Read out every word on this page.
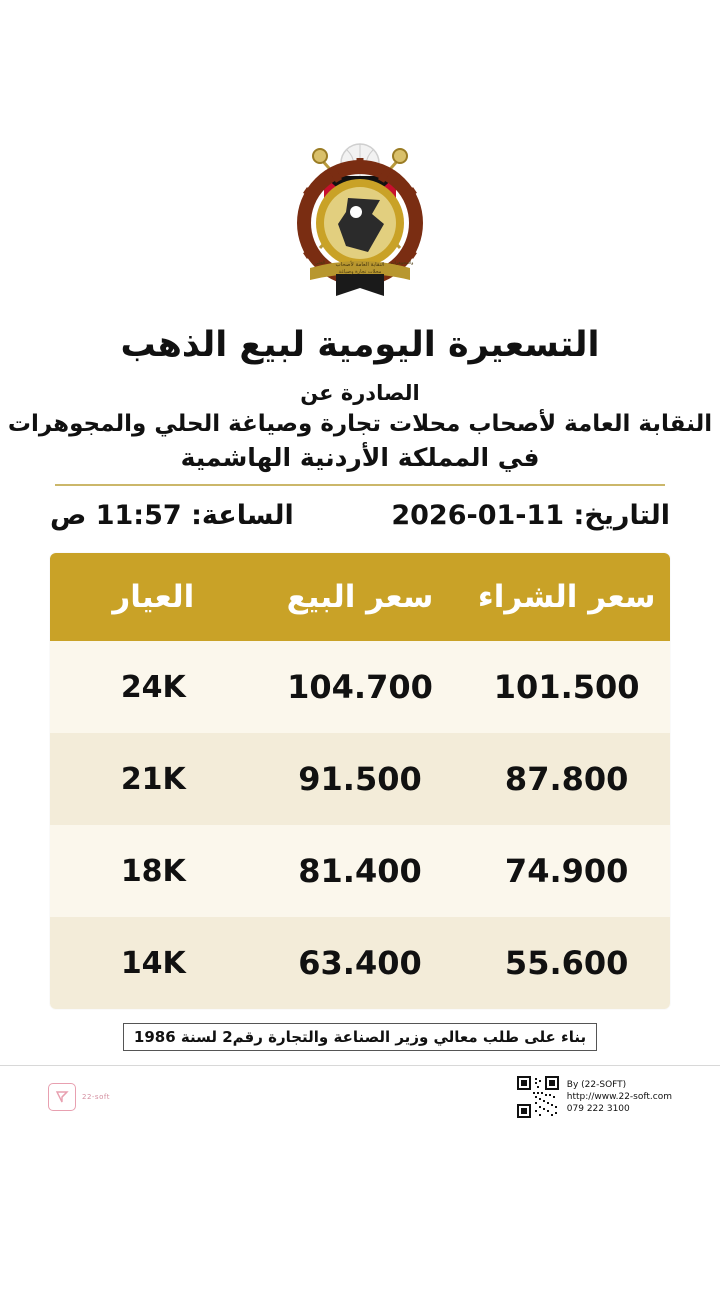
النقابة العامة لأصحاب
محلات تجارة وصياغة
الحلي	والمجوهرات
التسعيرة اليومية لبيع الذهب
الصادرة عن
النقابة العامة لأصحاب محلات تجارة وصياغة الحلي والمجوهرات
في المملكة الأردنية الهاشمية
التاريخ: 11-01-2026
الساعة: 11:57 ص
سعر الشراء
سعر البيع
العيار
101.500
104.700
24K
87.800
91.500
21K
74.900
81.400
18K
55.600
63.400
14K
بناء على طلب معالي وزير الصناعة والتجارة رقم2 لسنة 1986
22-soft
By (22-SOFT)
http://www.22-soft.com
079 222 3100
